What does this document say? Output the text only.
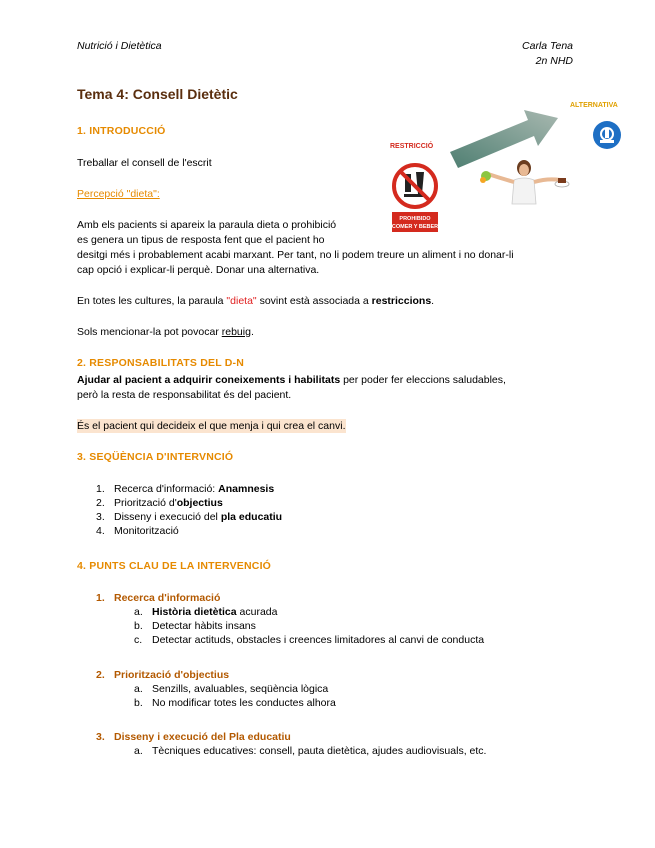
Nutrició i Dietètica	Carla Tena
2n NHD
Tema 4: Consell Dietètic
ALTERNATIVA
RESTRICCIÓ
PROHIBIDO
COMER Y BEBER
1. INTRODUCCIÓ
Treballar el consell de l'escrit
Percepció "dieta":
Amb els pacients si apareix la paraula dieta o prohibició
es genera un tipus de resposta fent que el pacient ho
desitgi més i probablement acabi marxant. Per tant, no li podem treure un aliment i no donar-li
cap opció i explicar-li perquè. Donar una alternativa.
En totes les cultures, la paraula "dieta" sovint està associada a restriccions.
Sols mencionar-la pot povocar rebuig.
2. RESPONSABILITATS DEL D-N
Ajudar al pacient a adquirir coneixements i habilitats per poder fer eleccions saludables,
però la resta de responsabilitat és del pacient.
És el pacient qui decideix el que menja i qui crea el canvi.
3. SEQÜÈNCIA D'INTERVNCIÓ
1. Recerca d'informació: Anamnesis
2. Priorització d'objectius
3. Disseny i execució del pla educatiu
4. Monitorització
4. PUNTS CLAU DE LA INTERVENCIÓ
1. Recerca d'informació
a. Història dietètica acurada
b. Detectar hàbits insans
c. Detectar actituds, obstacles i creences limitadores al canvi de conducta
2. Priorització d'objectius
a. Senzills, avaluables, seqüència lògica
b. No modificar totes les conductes alhora
3. Disseny i execució del Pla educatiu
a. Tècniques educatives: consell, pauta dietètica, ajudes audiovisuals, etc.
